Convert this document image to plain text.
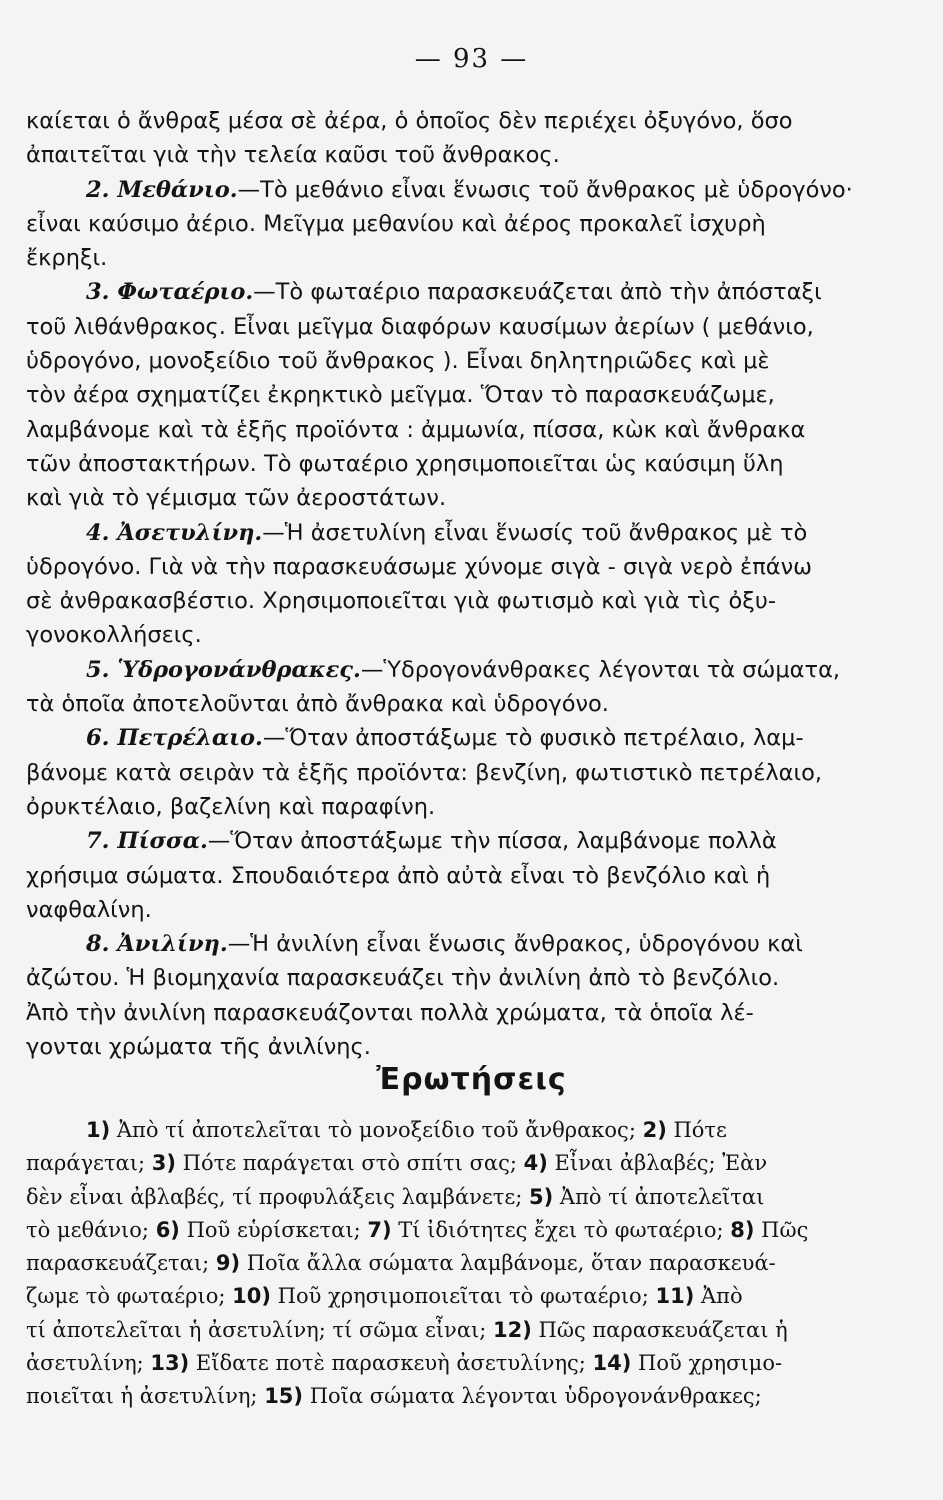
— 93 —
καίεται ὁ ἄνθραξ μέσα σὲ ἀέρα, ὁ ὁποῖος δὲν περιέχει ὀξυγόνο, ὅσο
ἀπαιτεῖται γιὰ τὴν τελεία καῦσι τοῦ ἄνθρακος.
2. Μεθάνιο.—Τὸ μεθάνιο εἶναι ἕνωσις τοῦ ἄνθρακος μὲ ὑδρογόνο·
εἶναι καύσιμο ἀέριο. Μεῖγμα μεθανίου καὶ ἀέρος προκαλεῖ ἰσχυρὴ
ἔκρηξι.
3. Φωταέριο.—Τὸ φωταέριο παρασκευάζεται ἀπὸ τὴν ἀπόσταξι
τοῦ λιθάνθρακος. Εἶναι μεῖγμα διαφόρων καυσίμων ἀερίων ( μεθάνιο,
ὑδρογόνο, μονοξείδιο τοῦ ἄνθρακος ). Εἶναι δηλητηριῶδες καὶ μὲ
τὸν ἀέρα σχηματίζει ἐκρηκτικὸ μεῖγμα. Ὅταν τὸ παρασκευάζωμε,
λαμβάνομε καὶ τὰ ἑξῆς προϊόντα : ἀμμωνία, πίσσα, κὼκ καὶ ἄνθρακα
τῶν ἀποστακτήρων. Τὸ φωταέριο χρησιμοποιεῖται ὡς καύσιμη ὕλη
καὶ γιὰ τὸ γέμισμα τῶν ἀεροστάτων.
4. Ἀσετυλίνη.—Ἡ ἀσετυλίνη εἶναι ἕνωσίς τοῦ ἄνθρακος μὲ τὸ
ὑδρογόνο. Γιὰ νὰ τὴν παρασκευάσωμε χύνομε σιγὰ - σιγὰ νερὸ ἐπάνω
σὲ ἀνθρακασβέστιο. Χρησιμοποιεῖται γιὰ φωτισμὸ καὶ γιὰ τὶς ὀξυ-
γονοκολλήσεις.
5. Ὑδρογονάνθρακες.—Ὑδρογονάνθρακες λέγονται τὰ σώματα,
τὰ ὁποῖα ἀποτελοῦνται ἀπὸ ἄνθρακα καὶ ὑδρογόνο.
6. Πετρέλαιο.—Ὅταν ἀποστάξωμε τὸ φυσικὸ πετρέλαιο, λαμ-
βάνομε κατὰ σειρὰν τὰ ἑξῆς προϊόντα: βενζίνη, φωτιστικὸ πετρέλαιο,
ὀρυκτέλαιο, βαζελίνη καὶ παραφίνη.
7. Πίσσα.—Ὅταν ἀποστάξωμε τὴν πίσσα, λαμβάνομε πολλὰ
χρήσιμα σώματα. Σπουδαιότερα ἀπὸ αὐτὰ εἶναι τὸ βενζόλιο καὶ ἡ
ναφθαλίνη.
8. Ἀνιλίνη.—Ἡ ἀνιλίνη εἶναι ἕνωσις ἄνθρακος, ὑδρογόνου καὶ
ἀζώτου. Ἡ βιομηχανία παρασκευάζει τὴν ἀνιλίνη ἀπὸ τὸ βενζόλιο.
Ἀπὸ τὴν ἀνιλίνη παρασκευάζονται πολλὰ χρώματα, τὰ ὁποῖα λέ-
γονται χρώματα τῆς ἀνιλίνης.
Ἐρωτήσεις
1) Ἀπὸ τί ἀποτελεῖται τὸ μονοξείδιο τοῦ ἄνθρακος; 2) Πότε
παράγεται; 3) Πότε παράγεται στὸ σπίτι σας; 4) Εἶναι ἀβλαβές; Ἐὰν
δὲν εἶναι ἀβλαβές, τί προφυλάξεις λαμβάνετε; 5) Ἀπὸ τί ἀποτελεῖται
τὸ μεθάνιο; 6) Ποῦ εὑρίσκεται; 7) Τί ἰδιότητες ἔχει τὸ φωταέριο; 8) Πῶς
παρασκευάζεται; 9) Ποῖα ἄλλα σώματα λαμβάνομε, ὅταν παρασκευά-
ζωμε τὸ φωταέριο; 10) Ποῦ χρησιμοποιεῖται τὸ φωταέριο; 11) Ἀπὸ
τί ἀποτελεῖται ἡ ἀσετυλίνη; τί σῶμα εἶναι; 12) Πῶς παρασκευάζεται ἡ
ἀσετυλίνη; 13) Εἴδατε ποτὲ παρασκευὴ ἀσετυλίνης; 14) Ποῦ χρησιμο-
ποιεῖται ἡ ἀσετυλίνη; 15) Ποῖα σώματα λέγονται ὑδρογονάνθρακες;
